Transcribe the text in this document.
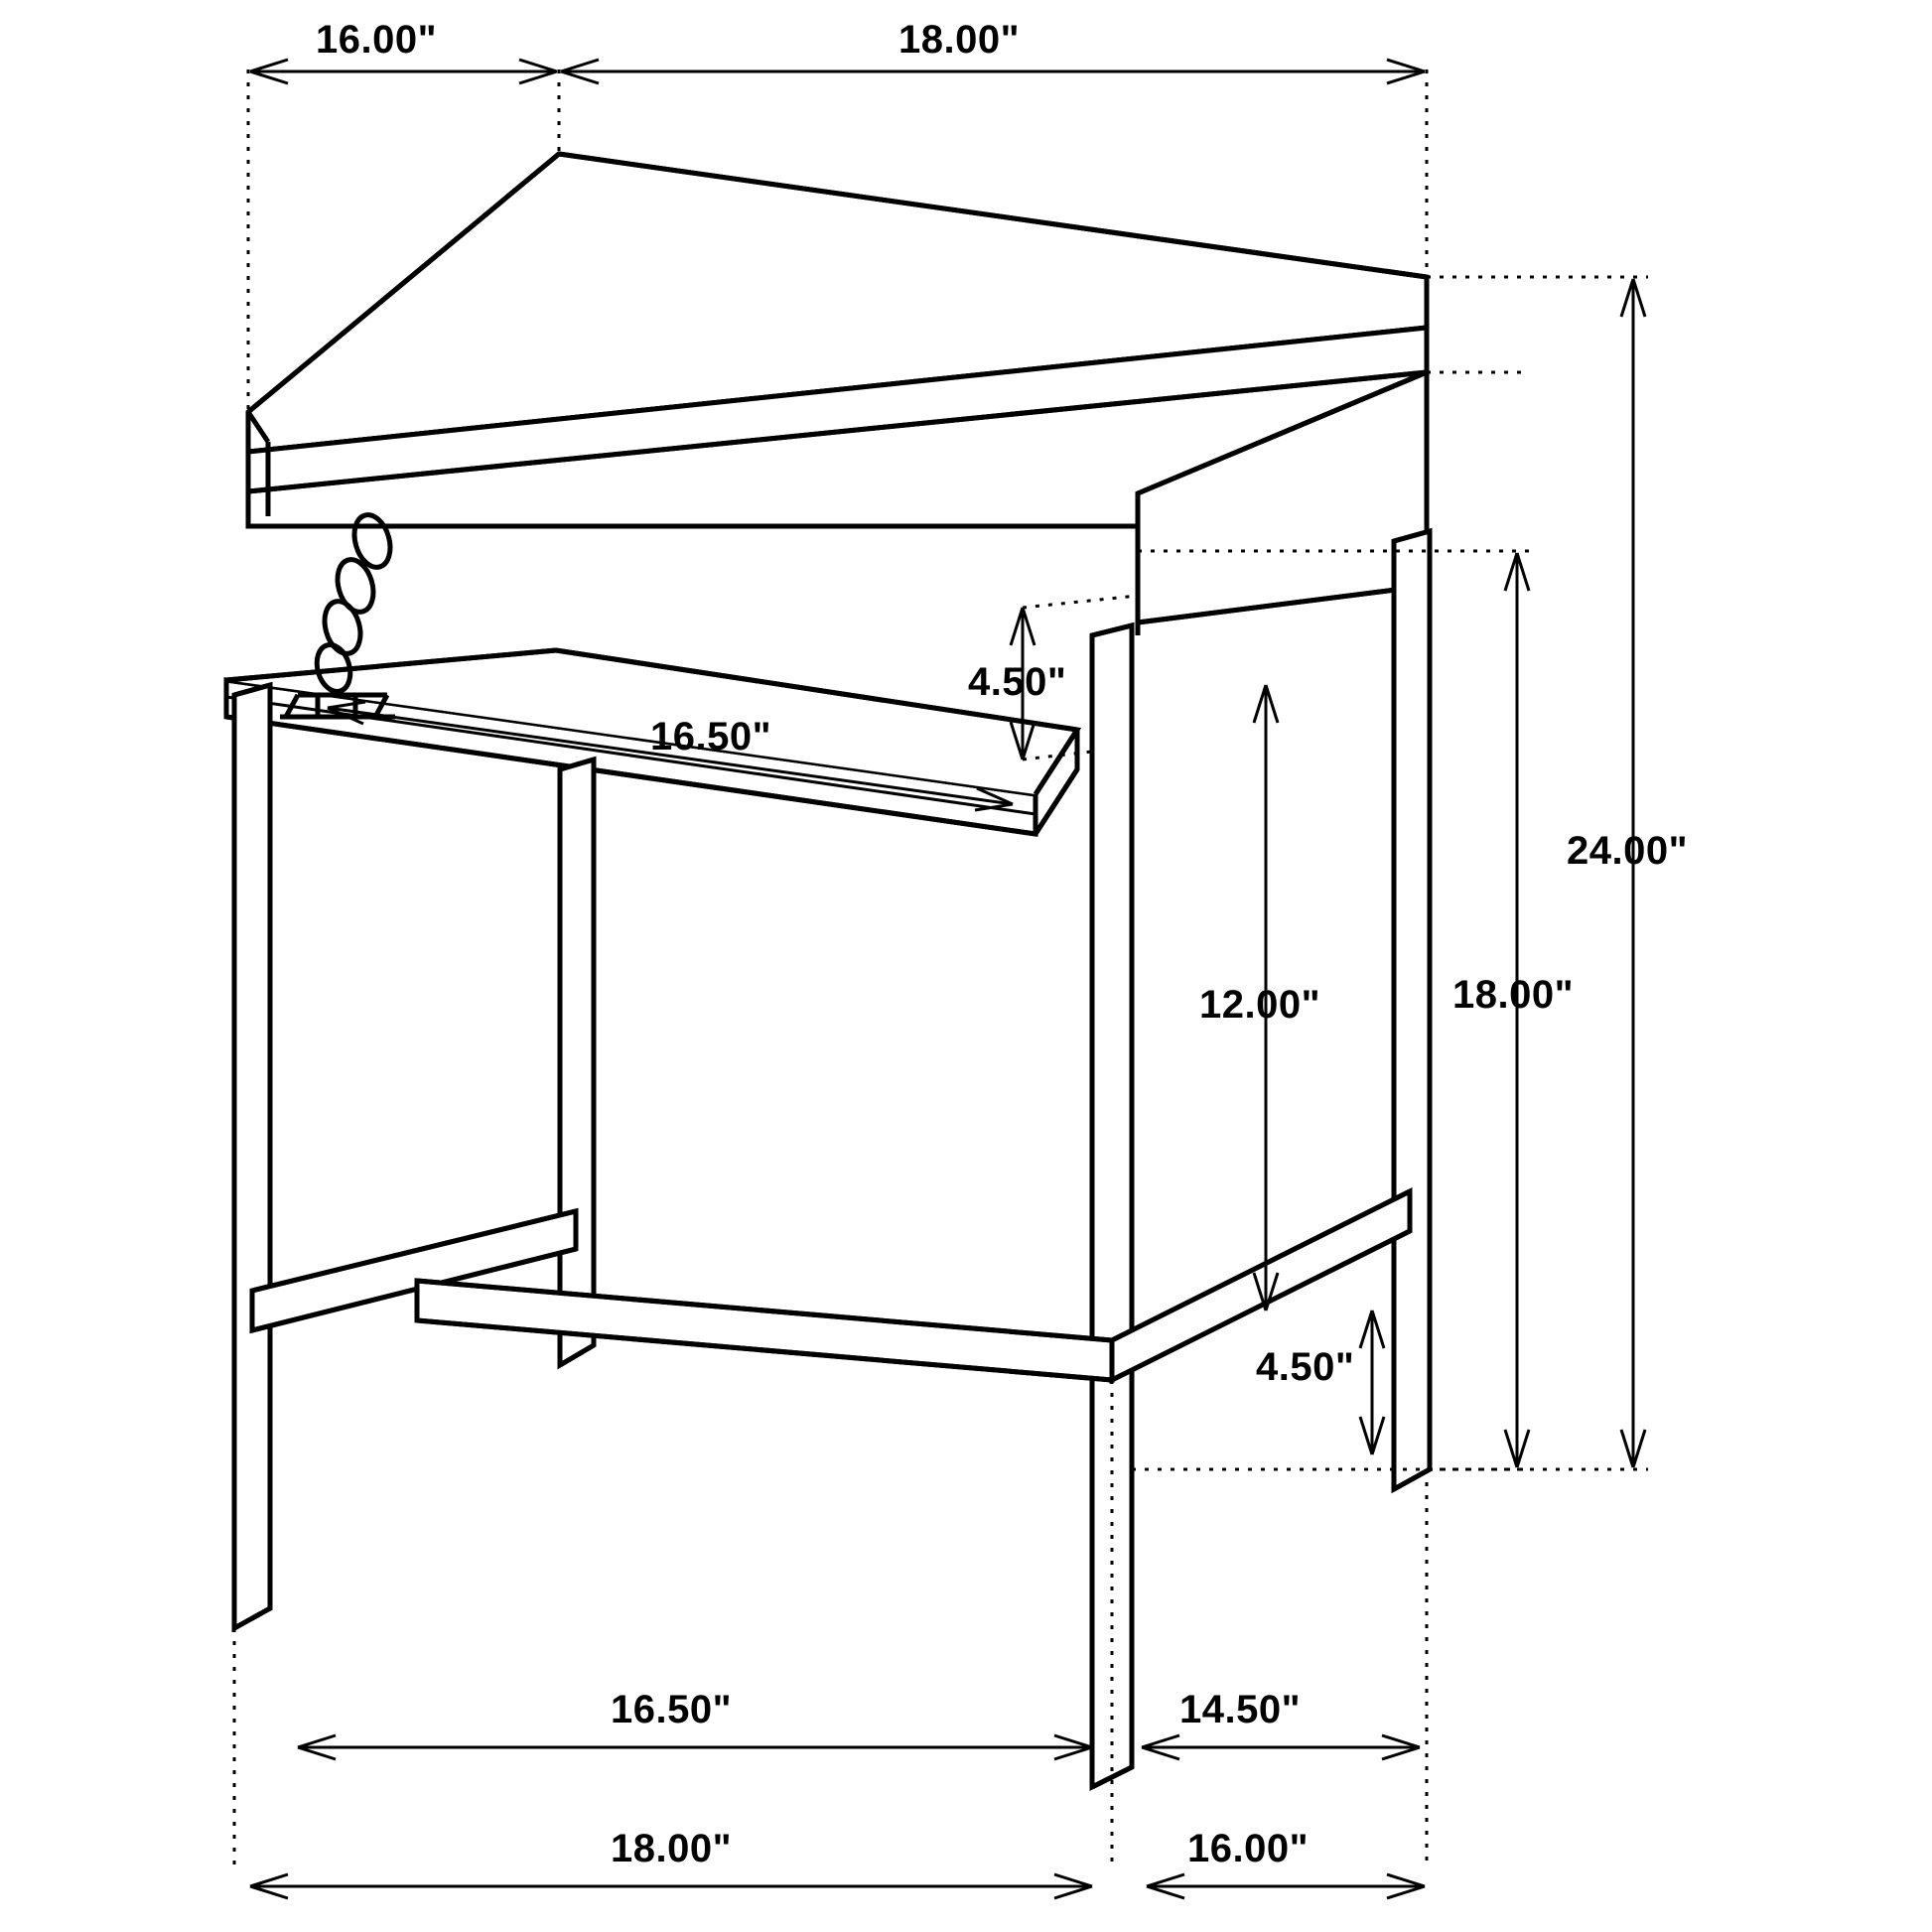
16.00"	18.00"
4.50"
16.50"
24.00"
18.00"
12.00"
4.50"
16.50"	14.50"
18.00"	16.00"
